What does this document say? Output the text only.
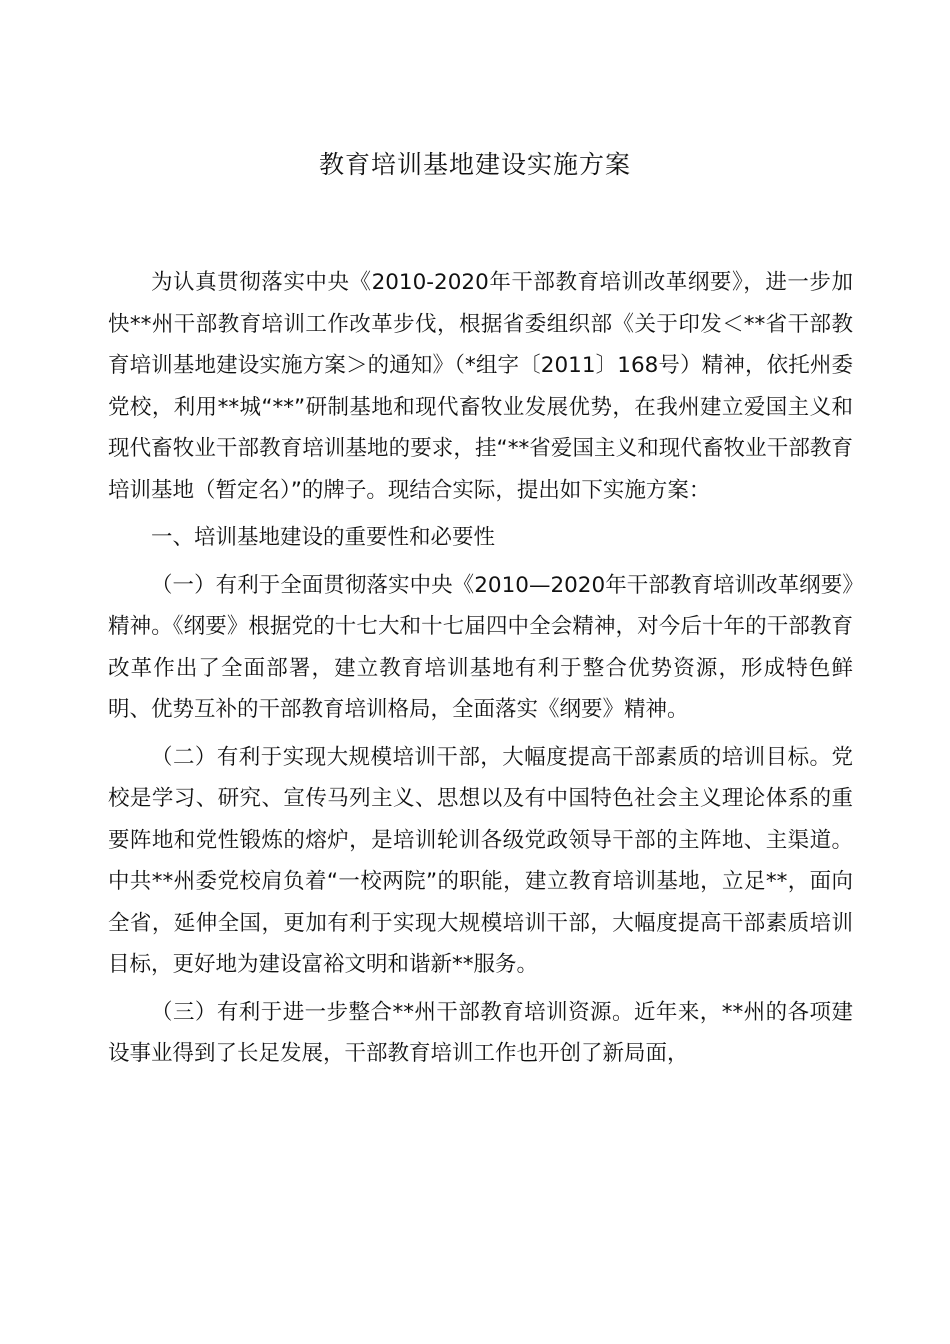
教育培训基地建设实施方案

为认真贯彻落实中央《2010-2020年干部教育培训改革纲要》，进一步加快**州干部教育培训工作改革步伐，根据省委组织部《关于印发＜**省干部教育培训基地建设实施方案＞的通知》（*组字〔2011〕168号）精神，依托州委党校，利用**城“**”研制基地和现代畜牧业发展优势，在我州建立爱国主义和现代畜牧业干部教育培训基地的要求，挂“**省爱国主义和现代畜牧业干部教育培训基地（暂定名）”的牌子。现结合实际，提出如下实施方案：

一、培训基地建设的重要性和必要性

（一）有利于全面贯彻落实中央《2010—2020年干部教育培训改革纲要》精神。《纲要》根据党的十七大和十七届四中全会精神，对今后十年的干部教育改革作出了全面部署，建立教育培训基地有利于整合优势资源，形成特色鲜明、优势互补的干部教育培训格局，全面落实《纲要》精神。

（二）有利于实现大规模培训干部，大幅度提高干部素质的培训目标。党校是学习、研究、宣传马列主义、思想以及有中国特色社会主义理论体系的重要阵地和党性锻炼的熔炉，是培训轮训各级党政领导干部的主阵地、主渠道。中共**州委党校肩负着“一校两院”的职能，建立教育培训基地，立足**，面向全省，延伸全国，更加有利于实现大规模培训干部，大幅度提高干部素质培训目标，更好地为建设富裕文明和谐新**服务。

（三）有利于进一步整合**州干部教育培训资源。近年来，**州的各项建设事业得到了长足发展，干部教育培训工作也开创了新局面，
